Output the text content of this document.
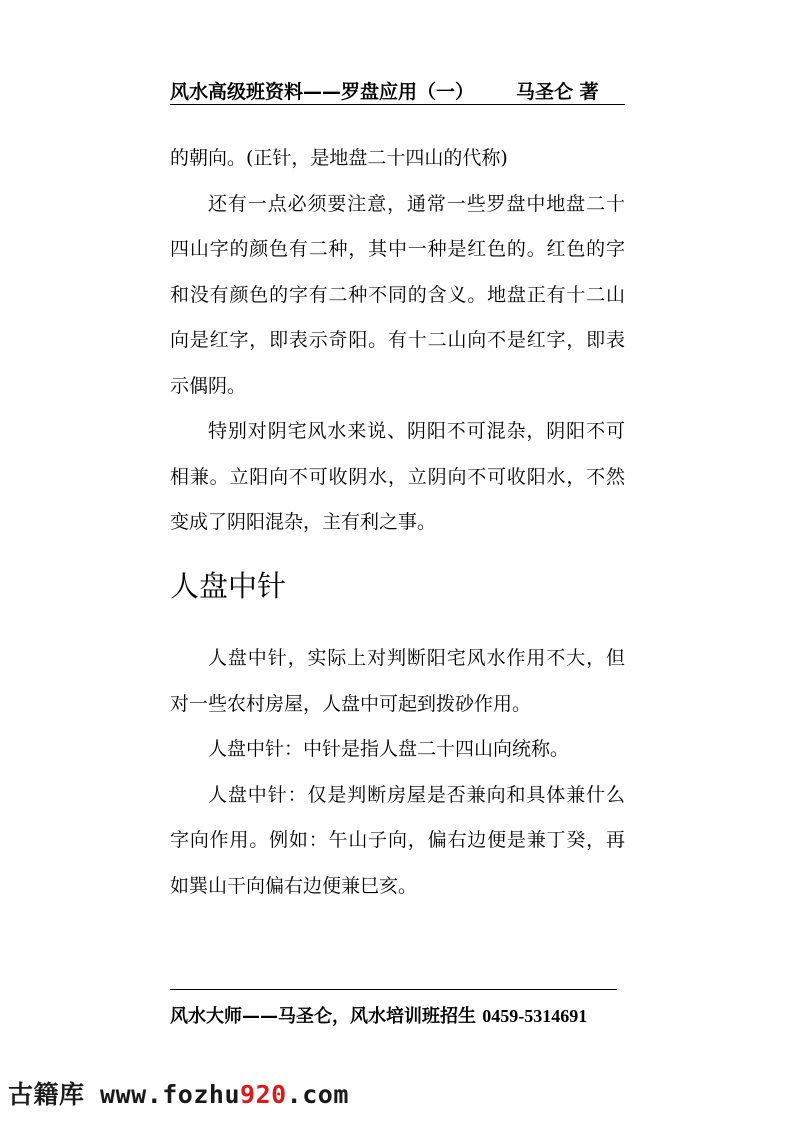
风水高级班资料——罗盘应用（一） 马圣仑 著

的朝向。(正针，是地盘二十四山的代称)

还有一点必须要注意，通常一些罗盘中地盘二十四山字的颜色有二种，其中一种是红色的。红色的字和没有颜色的字有二种不同的含义。地盘正有十二山向是红字，即表示奇阳。有十二山向不是红字，即表示偶阴。

特别对阴宅风水来说、阴阳不可混杂，阴阳不可相兼。立阳向不可收阴水，立阴向不可收阳水，不然变成了阴阳混杂，主有利之事。

人盘中针

人盘中针，实际上对判断阳宅风水作用不大，但对一些农村房屋，人盘中可起到拨砂作用。

人盘中针：中针是指人盘二十四山向统称。

人盘中针：仅是判断房屋是否兼向和具体兼什么字向作用。例如：午山子向，偏右边便是兼丁癸，再如巽山干向偏右边便兼巳亥。

风水大师——马圣仑，风水培训班招生 0459-5314691
古籍库 www.fozhu920.com
